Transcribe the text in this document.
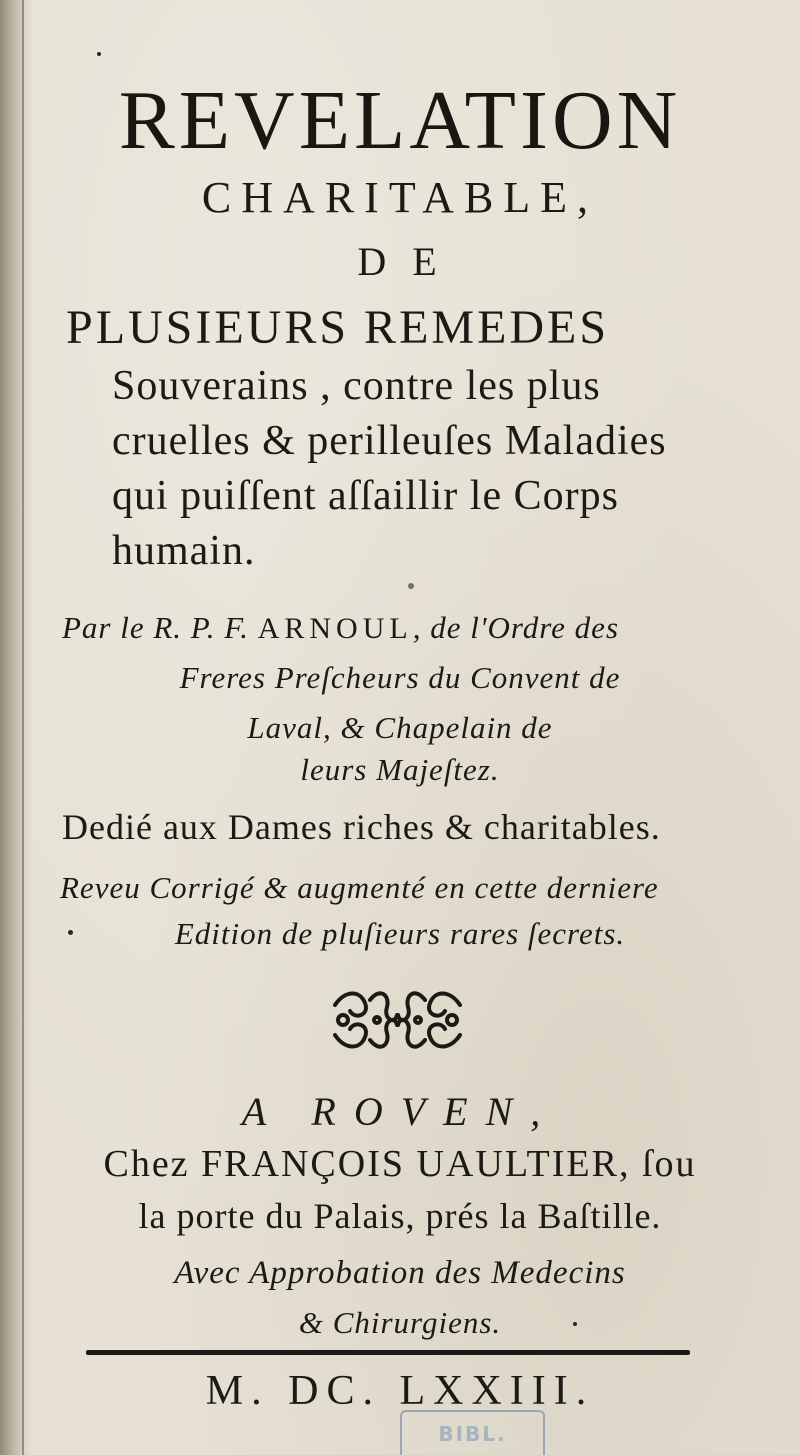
REVELATION
CHARITABLE,
DE
PLUSIEURS REMEDES
Souverains , contre les plus
cruelles & perilleuſes Maladies
qui puiſſent aſſaillir le Corps
humain.
Par le R. P. F. ARNOUL, de l'Ordre des
Freres Preſcheurs du Convent de
Laval, & Chapelain de
leurs Majeſtez.
Dedié aux Dames riches & charitables.
Reveu Corrigé & augmenté en cette derniere
Edition de pluſieurs rares ſecrets.
A ROVEN,
Chez FRANÇOIS UAULTIER, ſou
la porte du Palais, prés la Baſtille.
Avec Approbation des Medecins
& Chirurgiens.
M. DC. LXXIII.
BIBL.
